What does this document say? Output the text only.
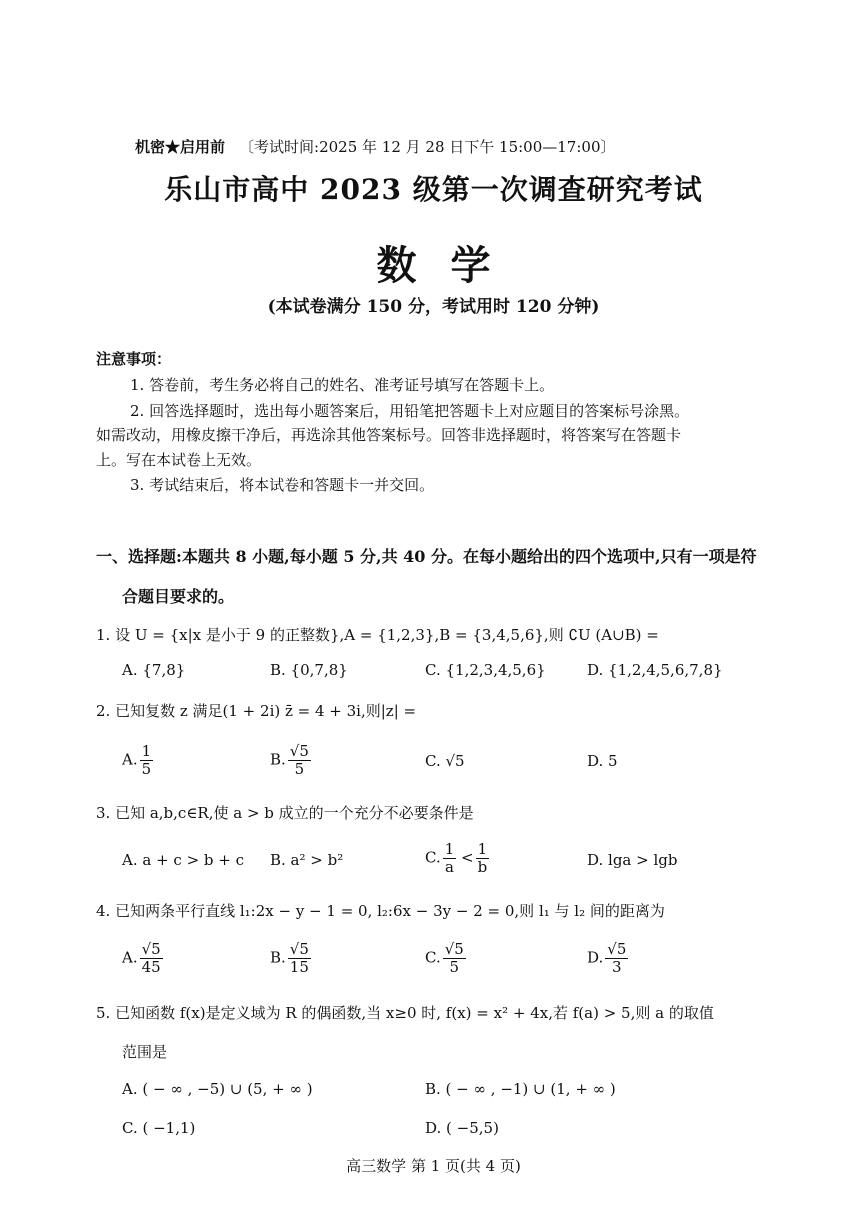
机密★启用前 〔考试时间:2025 年 12 月 28 日下午 15:00—17:00〕
乐山市高中 2023 级第一次调查研究考试
数学
(本试卷满分 150 分，考试用时 120 分钟)
注意事项：
1. 答卷前，考生务必将自己的姓名、准考证号填写在答题卡上。
2. 回答选择题时，选出每小题答案后，用铅笔把答题卡上对应题目的答案标号涂黑。
如需改动，用橡皮擦干净后，再选涂其他答案标号。回答非选择题时，将答案写在答题卡
上。写在本试卷上无效。
3. 考试结束后，将本试卷和答题卡一并交回。
一、选择题:本题共 8 小题,每小题 5 分,共 40 分。在每小题给出的四个选项中,只有一项是符
合题目要求的。
1. 设 U = {x|x 是小于 9 的正整数},A = {1,2,3},B = {3,4,5,6},则 ∁U (A∪B) =
A. {7,8}	B. {0,7,8}	C. {1,2,3,4,5,6}	D. {1,2,4,5,6,7,8}
2. 已知复数 z 满足(1 + 2i) z̄ = 4 + 3i,则|z| =
A. $\frac{1}{5}$	B. $\frac{√5}{5}$	C. √5	D. 5
3. 已知 a,b,c∈R,使 a > b 成立的一个充分不必要条件是
A. a + c > b + c B. a² > b²	C. $\frac{1}{a} < \frac{1}{b}$	D. lga > lgb
4. 已知两条平行直线 l₁:2x − y − 1 = 0, l₂:6x − 3y − 2 = 0,则 l₁ 与 l₂ 间的距离为
A. $\frac{√5}{45}$	B. $\frac{√5}{15}$	C. $\frac{√5}{5}$	D. $\frac{√5}{3}$
5. 已知函数 f(x)是定义域为 R 的偶函数,当 x≥0 时, f(x) = x² + 4x,若 f(a) > 5,则 a 的取值
范围是
A. ( − ∞ , −5) ∪ (5, + ∞ )	B. ( − ∞ , −1) ∪ (1, + ∞ )
C. ( −1,1)	D. ( −5,5)
高三数学 第 1 页(共 4 页)
